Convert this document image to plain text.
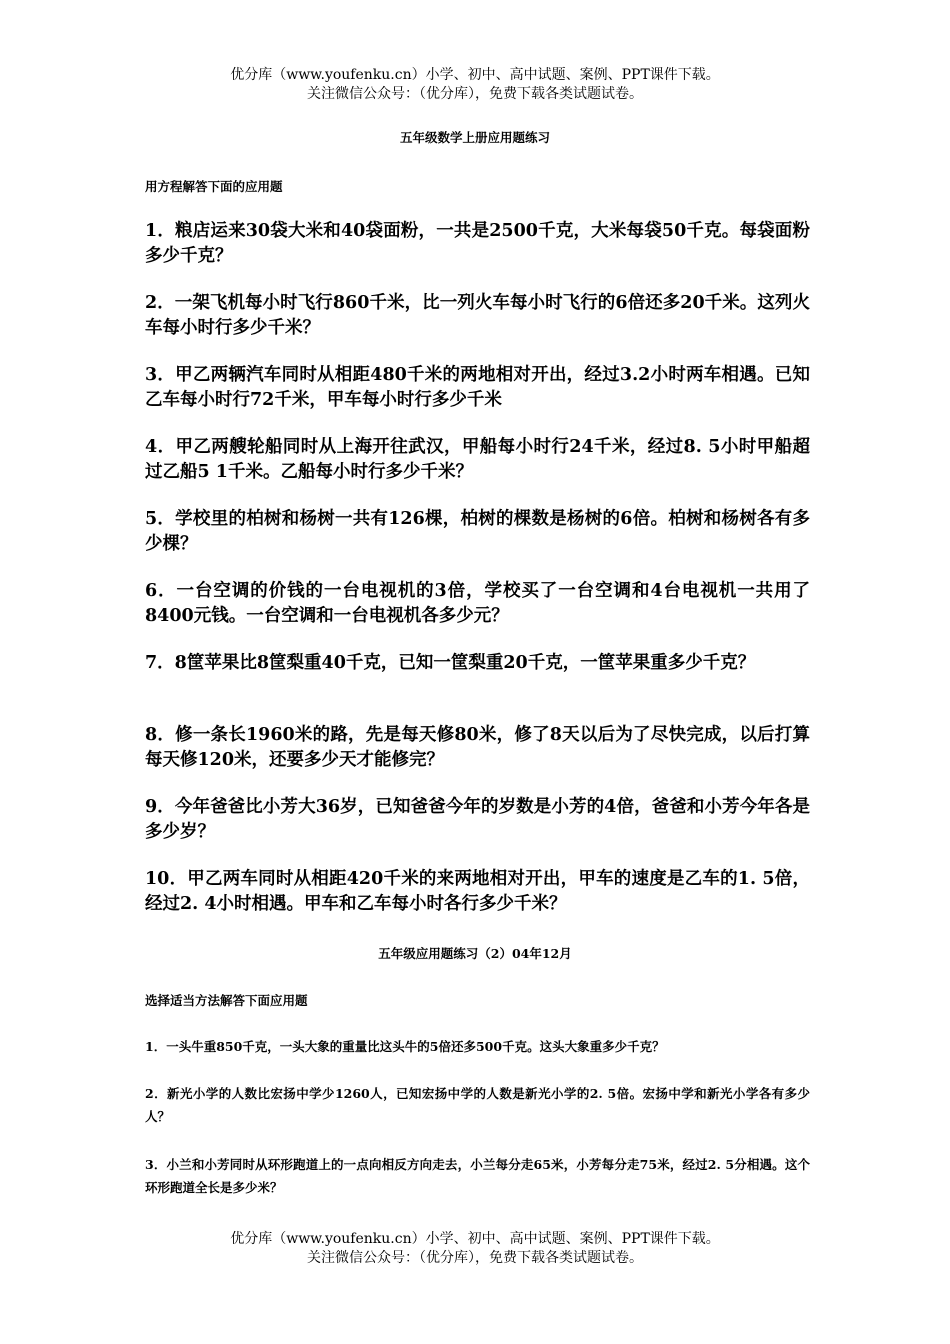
优分库（www.youfenku.cn）小学、初中、高中试题、案例、PPT课件下载。
关注微信公众号：（优分库），免费下载各类试题试卷。
五年级数学上册应用题练习
用方程解答下面的应用题
1．粮店运来30袋大米和40袋面粉，一共是2500千克，大米每袋50千克。每袋面粉多少千克？
2．一架飞机每小时飞行860千米，比一列火车每小时飞行的6倍还多20千米。这列火车每小时行多少千米？
3．甲乙两辆汽车同时从相距480千米的两地相对开出，经过3.2小时两车相遇。已知乙车每小时行72千米，甲车每小时行多少千米
4．甲乙两艘轮船同时从上海开往武汉，甲船每小时行24千米，经过8. 5小时甲船超过乙船5 1千米。乙船每小时行多少千米？
5．学校里的柏树和杨树一共有126棵，柏树的棵数是杨树的6倍。柏树和杨树各有多少棵？
6．一台空调的价钱的一台电视机的3倍，学校买了一台空调和4台电视机一共用了8400元钱。一台空调和一台电视机各多少元？
7．8筐苹果比8筐梨重40千克，已知一筐梨重20千克，一筐苹果重多少千克？
8．修一条长1960米的路，先是每天修80米，修了8天以后为了尽快完成，以后打算每天修120米，还要多少天才能修完？
9．今年爸爸比小芳大36岁，已知爸爸今年的岁数是小芳的4倍，爸爸和小芳今年各是多少岁？
10．甲乙两车同时从相距420千米的来两地相对开出，甲车的速度是乙车的1. 5倍，经过2. 4小时相遇。甲车和乙车每小时各行多少千米？
五年级应用题练习（2）04年12月
选择适当方法解答下面应用题
1．一头牛重850千克，一头大象的重量比这头牛的5倍还多500千克。这头大象重多少千克？
2．新光小学的人数比宏扬中学少1260人，已知宏扬中学的人数是新光小学的2. 5倍。宏扬中学和新光小学各有多少人？
3．小兰和小芳同时从环形跑道上的一点向相反方向走去，小兰每分走65米，小芳每分走75米，经过2. 5分相遇。这个环形跑道全长是多少米？
优分库（www.youfenku.cn）小学、初中、高中试题、案例、PPT课件下载。
关注微信公众号：（优分库），免费下载各类试题试卷。
